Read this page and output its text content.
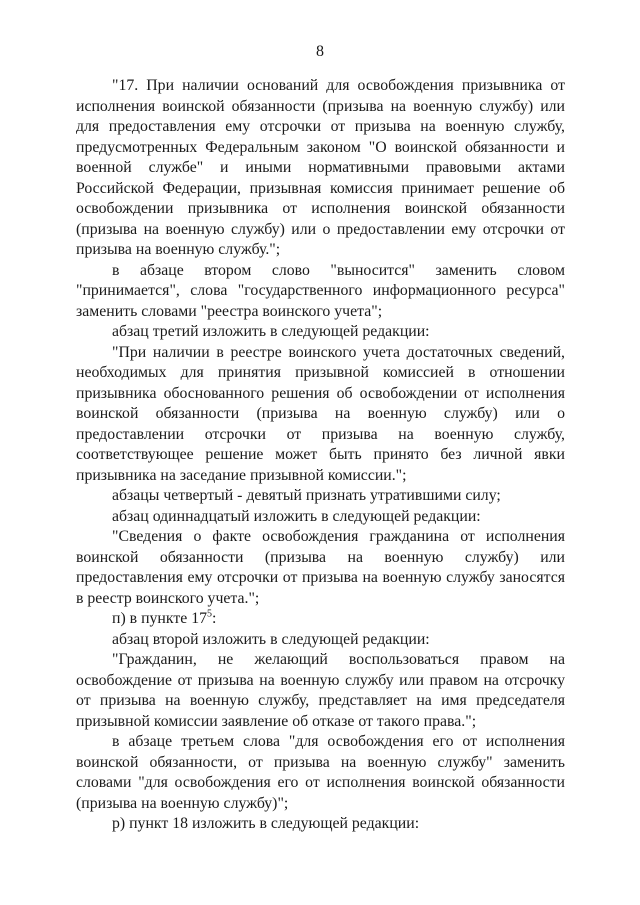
8

"17. При наличии оснований для освобождения призывника от исполнения воинской обязанности (призыва на военную службу) или для предоставления ему отсрочки от призыва на военную службу, предусмотренных Федеральным законом "О воинской обязанности и военной службе" и иными нормативными правовыми актами Российской Федерации, призывная комиссия принимает решение об освобождении призывника от исполнения воинской обязанности (призыва на военную службу) или о предоставлении ему отсрочки от призыва на военную службу.";

в абзаце втором слово "выносится" заменить словом "принимается", слова "государственного информационного ресурса" заменить словами "реестра воинского учета";

абзац третий изложить в следующей редакции:

"При наличии в реестре воинского учета достаточных сведений, необходимых для принятия призывной комиссией в отношении призывника обоснованного решения об освобождении от исполнения воинской обязанности (призыва на военную службу) или о предоставлении отсрочки от призыва на военную службу, соответствующее решение может быть принято без личной явки призывника на заседание призывной комиссии.";

абзацы четвертый - девятый признать утратившими силу;

абзац одиннадцатый изложить в следующей редакции:

"Сведения о факте освобождения гражданина от исполнения воинской обязанности (призыва на военную службу) или предоставления ему отсрочки от призыва на военную службу заносятся в реестр воинского учета.";

п) в пункте $17^5$:

абзац второй изложить в следующей редакции:

"Гражданин, не желающий воспользоваться правом на освобождение от призыва на военную службу или правом на отсрочку от призыва на военную службу, представляет на имя председателя призывной комиссии заявление об отказе от такого права.";

в абзаце третьем слова "для освобождения его от исполнения воинской обязанности, от призыва на военную службу" заменить словами "для освобождения его от исполнения воинской обязанности (призыва на военную службу)";

р) пункт 18 изложить в следующей редакции:
